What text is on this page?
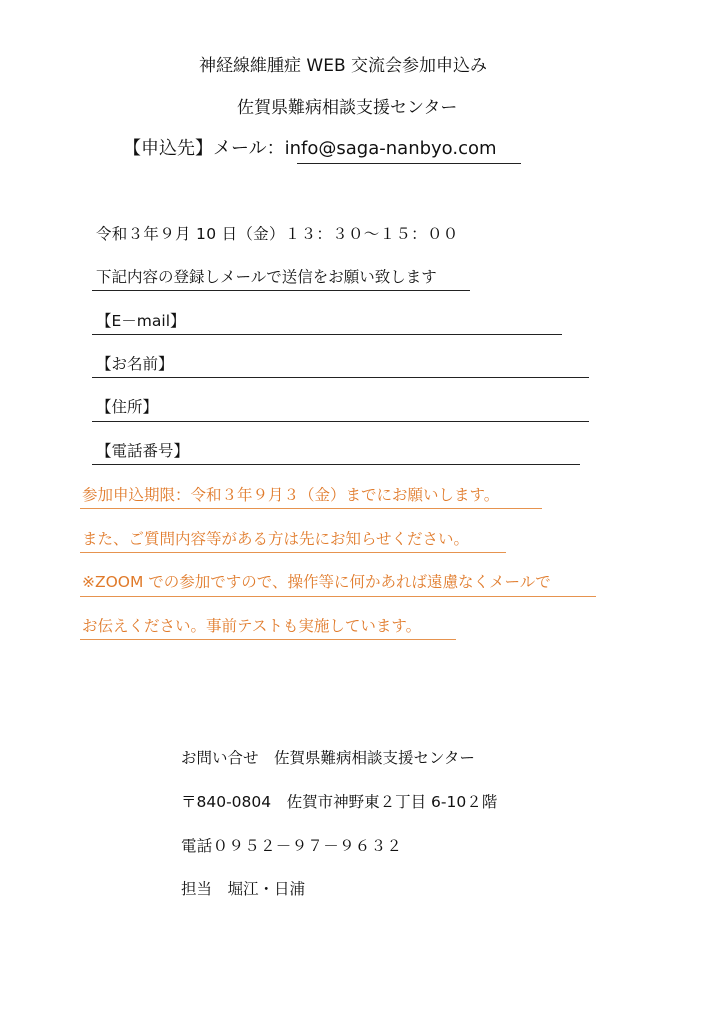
神経線維腫症 WEB 交流会参加申込み
佐賀県難病相談支援センター
【申込先】メール：info@saga-nanbyo.com
令和３年９月 10 日（金）１３：３０～１５：００
下記内容の登録しメールで送信をお願い致します
【E－mail】
【お名前】
【住所】
【電話番号】
参加申込期限：令和３年９月３（金）までにお願いします。
また、ご質問内容等がある方は先にお知らせください。
※ZOOM での参加ですので、操作等に何かあれば遠慮なくメールで
お伝えください。事前テストも実施しています。
お問い合せ　佐賀県難病相談支援センター
〒840-0804　佐賀市神野東２丁目 6-10２階
電話０９５２－９７－９６３２
担当　堀江・日浦
